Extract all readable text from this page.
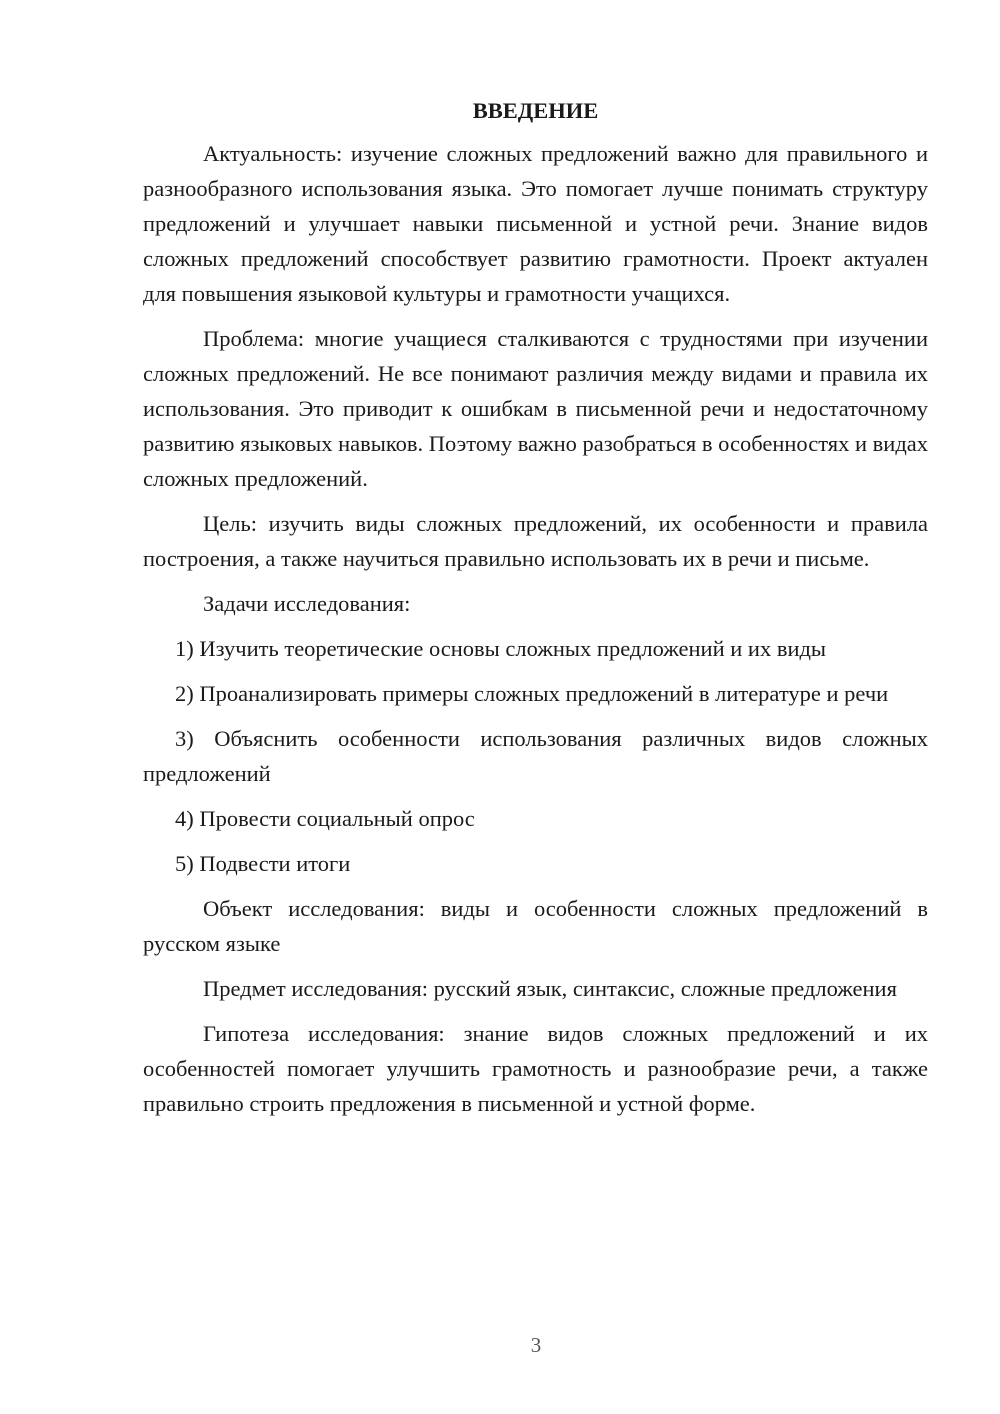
ВВЕДЕНИЕ

Актуальность: изучение сложных предложений важно для правильного и разнообразного использования языка. Это помогает лучше понимать структуру предложений и улучшает навыки письменной и устной речи. Знание видов сложных предложений способствует развитию грамотности. Проект актуален для повышения языковой культуры и грамотности учащихся.

Проблема: многие учащиеся сталкиваются с трудностями при изучении сложных предложений. Не все понимают различия между видами и правила их использования. Это приводит к ошибкам в письменной речи и недостаточному развитию языковых навыков. Поэтому важно разобраться в особенностях и видах сложных предложений.

Цель: изучить виды сложных предложений, их особенности и правила построения, а также научиться правильно использовать их в речи и письме.

Задачи исследования:

1) Изучить теоретические основы сложных предложений и их виды

2) Проанализировать примеры сложных предложений в литературе и речи

3) Объяснить особенности использования различных видов сложных предложений

4) Провести социальный опрос

5) Подвести итоги

Объект исследования: виды и особенности сложных предложений в русском языке

Предмет исследования: русский язык, синтаксис, сложные предложения

Гипотеза исследования: знание видов сложных предложений и их особенностей помогает улучшить грамотность и разнообразие речи, а также правильно строить предложения в письменной и устной форме.

3
